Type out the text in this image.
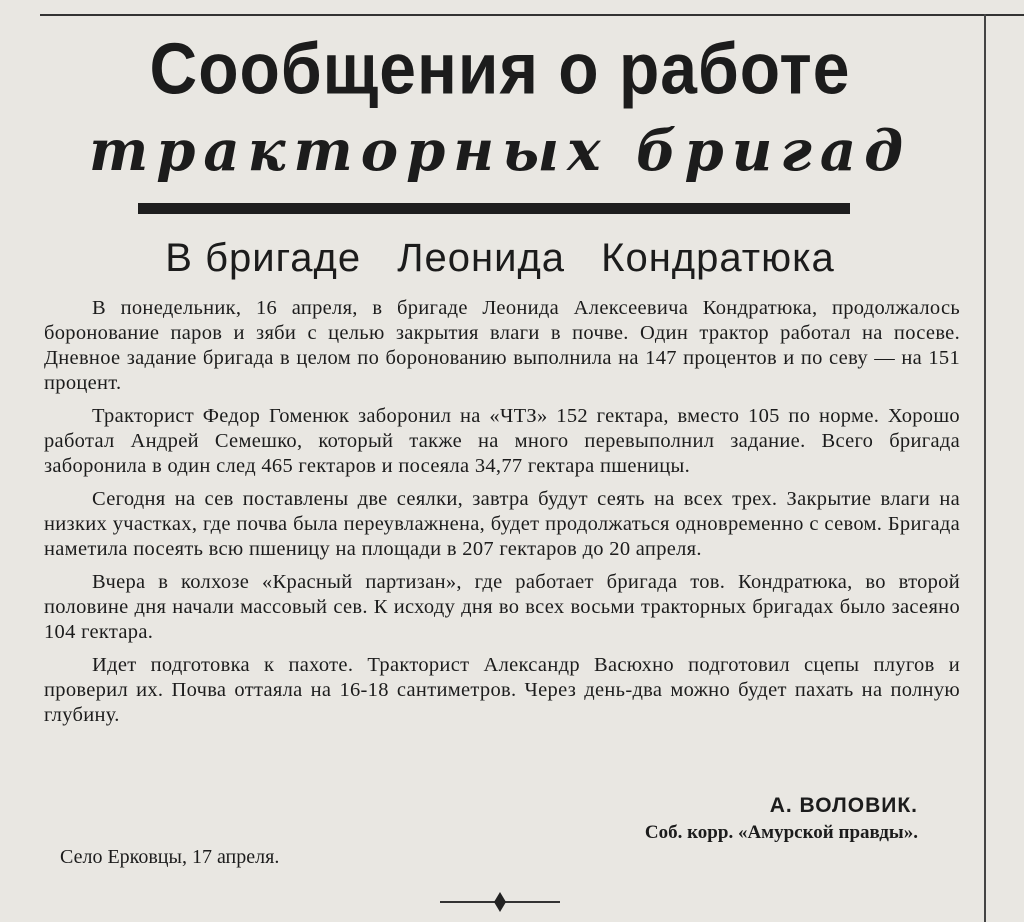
Сообщения о работе
тракторных бригад
В бригаде Леонида Кондратюка

В понедельник, 16 апреля, в бригаде Леонида Алексеевича Кондратюка, продолжалось боронование паров и зяби с целью закрытия влаги в почве. Один трактор работал на посеве. Дневное задание бригада в целом по боронованию выполнила на 147 процентов и по севу — на 151 процент.

Тракторист Федор Гоменюк заборонил на «ЧТЗ» 152 гектара, вместо 105 по норме. Хорошо работал Андрей Семешко, который также на много перевыполнил задание. Всего бригада заборонила в один след 465 гектаров и посеяла 34,77 гектара пшеницы.

Сегодня на сев поставлены две сеялки, завтра будут сеять на всех трех. Закрытие влаги на низких участках, где почва была переувлажнена, будет продолжаться одновременно с севом. Бригада наметила посеять всю пшеницу на площади в 207 гектаров до 20 апреля.

Вчера в колхозе «Красный партизан», где работает бригада тов. Кондратюка, во второй половине дня начали массовый сев. К исходу дня во всех восьми тракторных бригадах было засеяно 104 гектара.

Идет подготовка к пахоте. Тракторист Александр Васюхно подготовил сцепы плугов и проверил их. Почва оттаяла на 16-18 сантиметров. Через день-два можно будет пахать на полную глубину.

А. ВОЛОВИК.
Соб. корр. «Амурской правды».
Село Ерковцы, 17 апреля.
